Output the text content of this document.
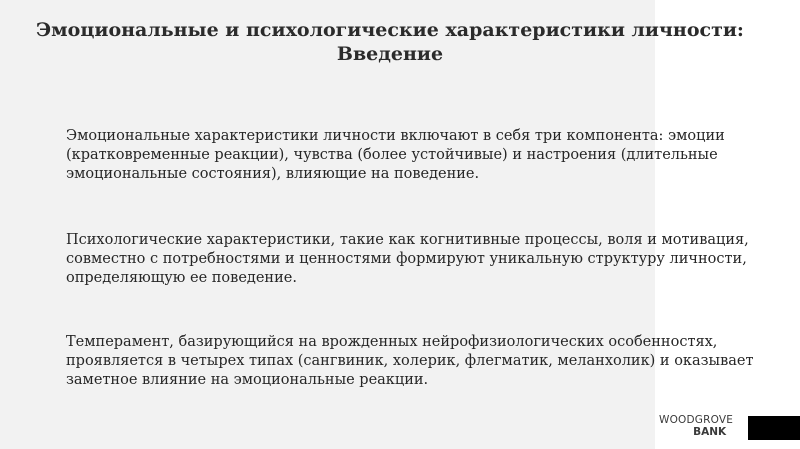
Эмоциональные и психологические характеристики личности:
Введение

Эмоциональные характеристики личности включают в себя три компонента: эмоции (кратковременные реакции), чувства (более устойчивые) и настроения (длительные эмоциональные состояния), влияющие на поведение.

Психологические характеристики, такие как когнитивные процессы, воля и мотивация, совместно с потребностями и ценностями формируют уникальную структуру личности, определяющую ее поведение.

Темперамент, базирующийся на врожденных нейрофизиологических особенностях, проявляется в четырех типах (сангвиник, холерик, флегматик, меланхолик) и оказывает заметное влияние на эмоциональные реакции.

WOODGROVE
BANK
